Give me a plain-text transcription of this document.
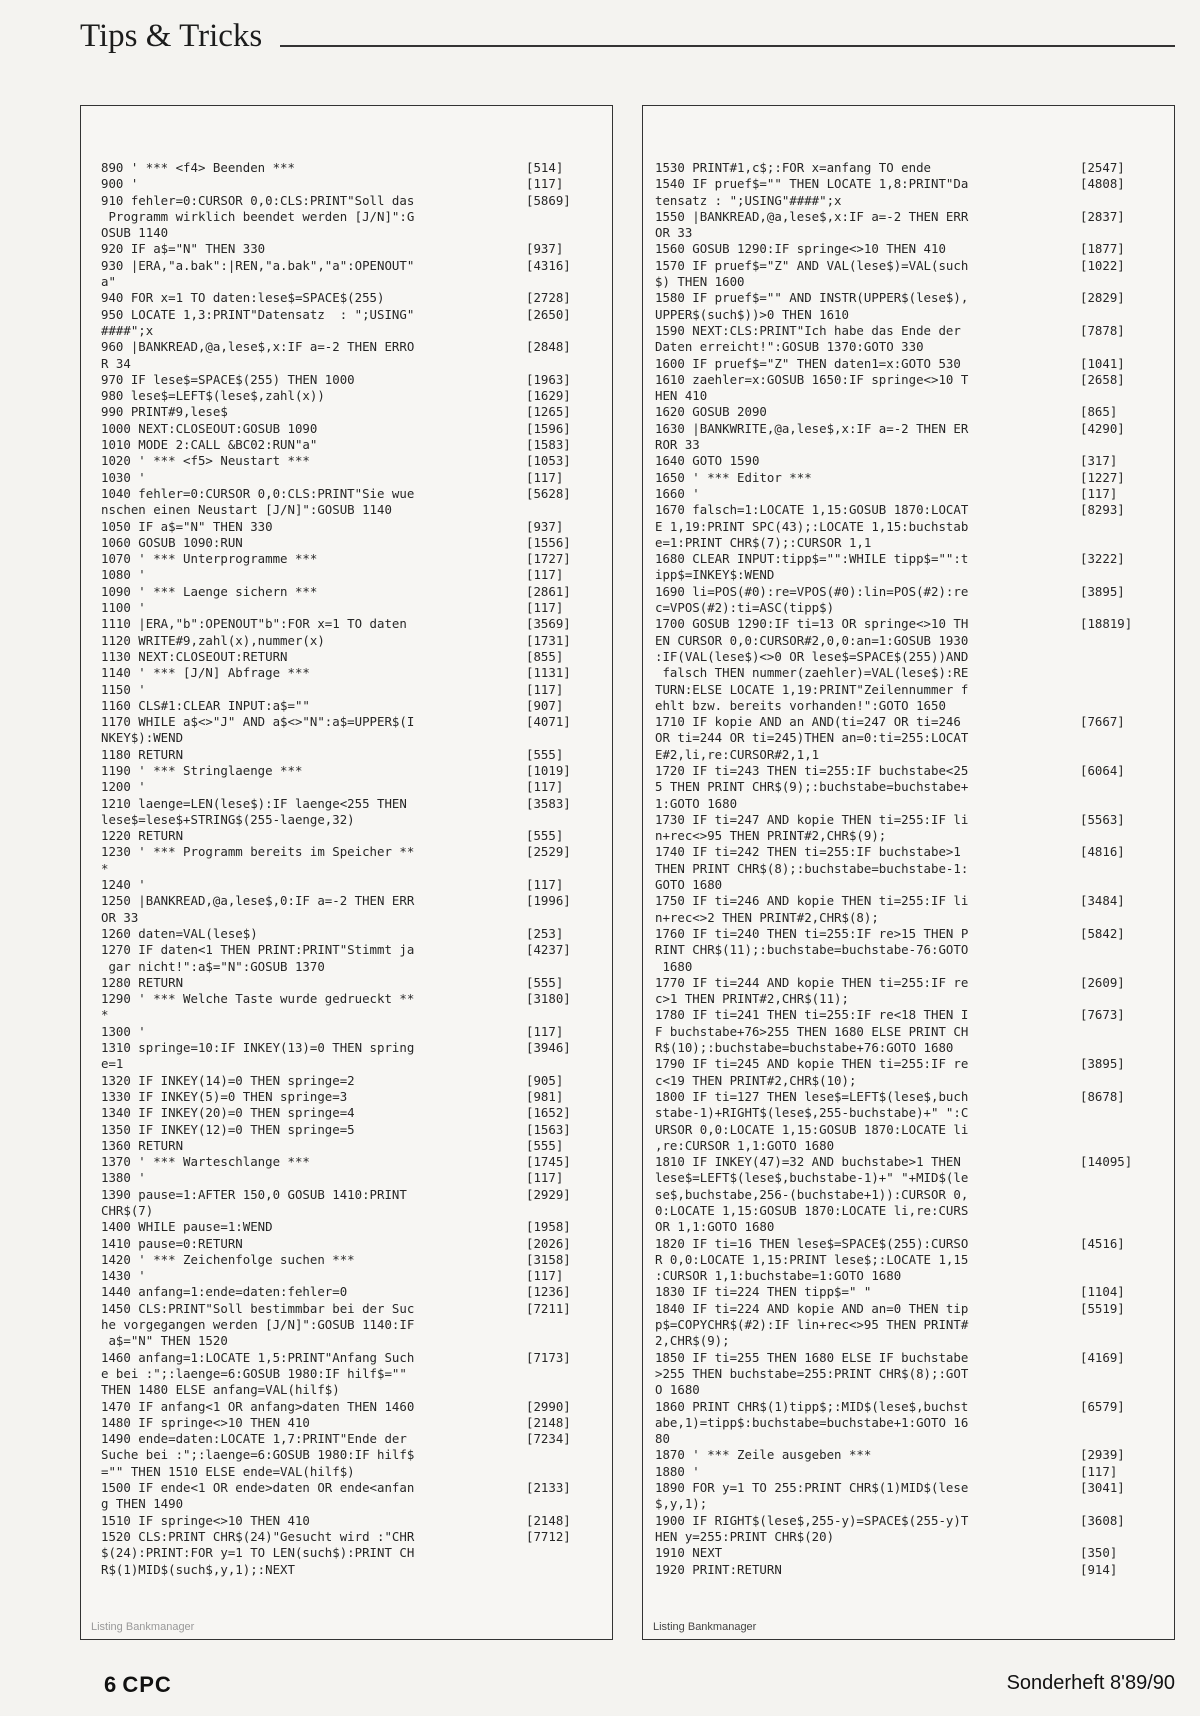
Tips & Tricks
890 ' *** <f4> Beenden ***	[514]
900 '	[117]
910 fehler=0:CURSOR 0,0:CLS:PRINT"Soll das	[5869]
Programm wirklich beendet werden [J/N]":G
OSUB 1140
920 IF a$="N" THEN 330	[937]
930 |ERA,"a.bak":|REN,"a.bak","a":OPENOUT"	[4316]
a"
940 FOR x=1 TO daten:lese$=SPACE$(255)	[2728]
950 LOCATE 1,3:PRINT"Datensatz  : ";USING"	[2650]
####";x
960 |BANKREAD,@a,lese$,x:IF a=-2 THEN ERRO	[2848]
R 34
970 IF lese$=SPACE$(255) THEN 1000	[1963]
980 lese$=LEFT$(lese$,zahl(x))	[1629]
990 PRINT#9,lese$	[1265]
1000 NEXT:CLOSEOUT:GOSUB 1090	[1596]
1010 MODE 2:CALL &BC02:RUN"a"	[1583]
1020 ' *** <f5> Neustart ***	[1053]
1030 '	[117]
1040 fehler=0:CURSOR 0,0:CLS:PRINT"Sie wue	[5628]
nschen einen Neustart [J/N]":GOSUB 1140
1050 IF a$="N" THEN 330	[937]
1060 GOSUB 1090:RUN	[1556]
1070 ' *** Unterprogramme ***	[1727]
1080 '	[117]
1090 ' *** Laenge sichern ***	[2861]
1100 '	[117]
1110 |ERA,"b":OPENOUT"b":FOR x=1 TO daten	[3569]
1120 WRITE#9,zahl(x),nummer(x)	[1731]
1130 NEXT:CLOSEOUT:RETURN	[855]
1140 ' *** [J/N] Abfrage ***	[1131]
1150 '	[117]
1160 CLS#1:CLEAR INPUT:a$=""	[907]
1170 WHILE a$<>"J" AND a$<>"N":a$=UPPER$(I	[4071]
NKEY$):WEND
1180 RETURN	[555]
1190 ' *** Stringlaenge ***	[1019]
1200 '	[117]
1210 laenge=LEN(lese$):IF laenge<255 THEN	[3583]
lese$=lese$+STRING$(255-laenge,32)
1220 RETURN	[555]
1230 ' *** Programm bereits im Speicher **	[2529]
*
1240 '	[117]
1250 |BANKREAD,@a,lese$,0:IF a=-2 THEN ERR	[1996]
OR 33
1260 daten=VAL(lese$)	[253]
1270 IF daten<1 THEN PRINT:PRINT"Stimmt ja	[4237]
gar nicht!":a$="N":GOSUB 1370
1280 RETURN	[555]
1290 ' *** Welche Taste wurde gedrueckt **	[3180]
*
1300 '	[117]
1310 springe=10:IF INKEY(13)=0 THEN spring	[3946]
e=1
1320 IF INKEY(14)=0 THEN springe=2	[905]
1330 IF INKEY(5)=0 THEN springe=3	[981]
1340 IF INKEY(20)=0 THEN springe=4	[1652]
1350 IF INKEY(12)=0 THEN springe=5	[1563]
1360 RETURN	[555]
1370 ' *** Warteschlange ***	[1745]
1380 '	[117]
1390 pause=1:AFTER 150,0 GOSUB 1410:PRINT	[2929]
CHR$(7)
1400 WHILE pause=1:WEND	[1958]
1410 pause=0:RETURN	[2026]
1420 ' *** Zeichenfolge suchen ***	[3158]
1430 '	[117]
1440 anfang=1:ende=daten:fehler=0	[1236]
1450 CLS:PRINT"Soll bestimmbar bei der Suc	[7211]
he vorgegangen werden [J/N]":GOSUB 1140:IF
a$="N" THEN 1520
1460 anfang=1:LOCATE 1,5:PRINT"Anfang Such	[7173]
e bei :";:laenge=6:GOSUB 1980:IF hilf$=""
THEN 1480 ELSE anfang=VAL(hilf$)
1470 IF anfang<1 OR anfang>daten THEN 1460	[2990]
1480 IF springe<>10 THEN 410	[2148]
1490 ende=daten:LOCATE 1,7:PRINT"Ende der	[7234]
Suche bei :";:laenge=6:GOSUB 1980:IF hilf$
="" THEN 1510 ELSE ende=VAL(hilf$)
1500 IF ende<1 OR ende>daten OR ende<anfan	[2133]
g THEN 1490
1510 IF springe<>10 THEN 410	[2148]
1520 CLS:PRINT CHR$(24)"Gesucht wird :"CHR	[7712]
$(24):PRINT:FOR y=1 TO LEN(such$):PRINT CH
R$(1)MID$(such$,y,1);:NEXT
Listing Bankmanager
1530 PRINT#1,c$;:FOR x=anfang TO ende	[2547]
1540 IF pruef$="" THEN LOCATE 1,8:PRINT"Da	[4808]
tensatz : ";USING"####";x
1550 |BANKREAD,@a,lese$,x:IF a=-2 THEN ERR	[2837]
OR 33
1560 GOSUB 1290:IF springe<>10 THEN 410	[1877]
1570 IF pruef$="Z" AND VAL(lese$)=VAL(such	[1022]
$) THEN 1600
1580 IF pruef$="" AND INSTR(UPPER$(lese$),	[2829]
UPPER$(such$))>0 THEN 1610
1590 NEXT:CLS:PRINT"Ich habe das Ende der	[7878]
Daten erreicht!":GOSUB 1370:GOTO 330
1600 IF pruef$="Z" THEN daten1=x:GOTO 530	[1041]
1610 zaehler=x:GOSUB 1650:IF springe<>10 T	[2658]
HEN 410
1620 GOSUB 2090	[865]
1630 |BANKWRITE,@a,lese$,x:IF a=-2 THEN ER	[4290]
ROR 33
1640 GOTO 1590	[317]
1650 ' *** Editor ***	[1227]
1660 '	[117]
1670 falsch=1:LOCATE 1,15:GOSUB 1870:LOCAT	[8293]
E 1,19:PRINT SPC(43);:LOCATE 1,15:buchstab
e=1:PRINT CHR$(7);:CURSOR 1,1
1680 CLEAR INPUT:tipp$="":WHILE tipp$="":t	[3222]
ipp$=INKEY$:WEND
1690 li=POS(#0):re=VPOS(#0):lin=POS(#2):re	[3895]
c=VPOS(#2):ti=ASC(tipp$)
1700 GOSUB 1290:IF ti=13 OR springe<>10 TH	[18819]
EN CURSOR 0,0:CURSOR#2,0,0:an=1:GOSUB 1930
:IF(VAL(lese$)<>0 OR lese$=SPACE$(255))AND
falsch THEN nummer(zaehler)=VAL(lese$):RE
TURN:ELSE LOCATE 1,19:PRINT"Zeilennummer f
ehlt bzw. bereits vorhanden!":GOTO 1650
1710 IF kopie AND an AND(ti=247 OR ti=246	[7667]
OR ti=244 OR ti=245)THEN an=0:ti=255:LOCAT
E#2,li,re:CURSOR#2,1,1
1720 IF ti=243 THEN ti=255:IF buchstabe<25	[6064]
5 THEN PRINT CHR$(9);:buchstabe=buchstabe+
1:GOTO 1680
1730 IF ti=247 AND kopie THEN ti=255:IF li	[5563]
n+rec<>95 THEN PRINT#2,CHR$(9);
1740 IF ti=242 THEN ti=255:IF buchstabe>1	[4816]
THEN PRINT CHR$(8);:buchstabe=buchstabe-1:
GOTO 1680
1750 IF ti=246 AND kopie THEN ti=255:IF li	[3484]
n+rec<>2 THEN PRINT#2,CHR$(8);
1760 IF ti=240 THEN ti=255:IF re>15 THEN P	[5842]
RINT CHR$(11);:buchstabe=buchstabe-76:GOTO
1680
1770 IF ti=244 AND kopie THEN ti=255:IF re	[2609]
c>1 THEN PRINT#2,CHR$(11);
1780 IF ti=241 THEN ti=255:IF re<18 THEN I	[7673]
F buchstabe+76>255 THEN 1680 ELSE PRINT CH
R$(10);:buchstabe=buchstabe+76:GOTO 1680
1790 IF ti=245 AND kopie THEN ti=255:IF re	[3895]
c<19 THEN PRINT#2,CHR$(10);
1800 IF ti=127 THEN lese$=LEFT$(lese$,buch	[8678]
stabe-1)+RIGHT$(lese$,255-buchstabe)+" ":C
URSOR 0,0:LOCATE 1,15:GOSUB 1870:LOCATE li
,re:CURSOR 1,1:GOTO 1680
1810 IF INKEY(47)=32 AND buchstabe>1 THEN	[14095]
lese$=LEFT$(lese$,buchstabe-1)+" "+MID$(le
se$,buchstabe,256-(buchstabe+1)):CURSOR 0,
0:LOCATE 1,15:GOSUB 1870:LOCATE li,re:CURS
OR 1,1:GOTO 1680
1820 IF ti=16 THEN lese$=SPACE$(255):CURSO	[4516]
R 0,0:LOCATE 1,15:PRINT lese$;:LOCATE 1,15
:CURSOR 1,1:buchstabe=1:GOTO 1680
1830 IF ti=224 THEN tipp$=" "	[1104]
1840 IF ti=224 AND kopie AND an=0 THEN tip	[5519]
p$=COPYCHR$(#2):IF lin+rec<>95 THEN PRINT#
2,CHR$(9);
1850 IF ti=255 THEN 1680 ELSE IF buchstabe	[4169]
>255 THEN buchstabe=255:PRINT CHR$(8);:GOT
O 1680
1860 PRINT CHR$(1)tipp$;:MID$(lese$,buchst	[6579]
abe,1)=tipp$:buchstabe=buchstabe+1:GOTO 16
80
1870 ' *** Zeile ausgeben ***	[2939]
1880 '	[117]
1890 FOR y=1 TO 255:PRINT CHR$(1)MID$(lese	[3041]
$,y,1);
1900 IF RIGHT$(lese$,255-y)=SPACE$(255-y)T	[3608]
HEN y=255:PRINT CHR$(20)
1910 NEXT	[350]
1920 PRINT:RETURN	[914]
Listing Bankmanager
6 CPC	Sonderheft 8'89/90
